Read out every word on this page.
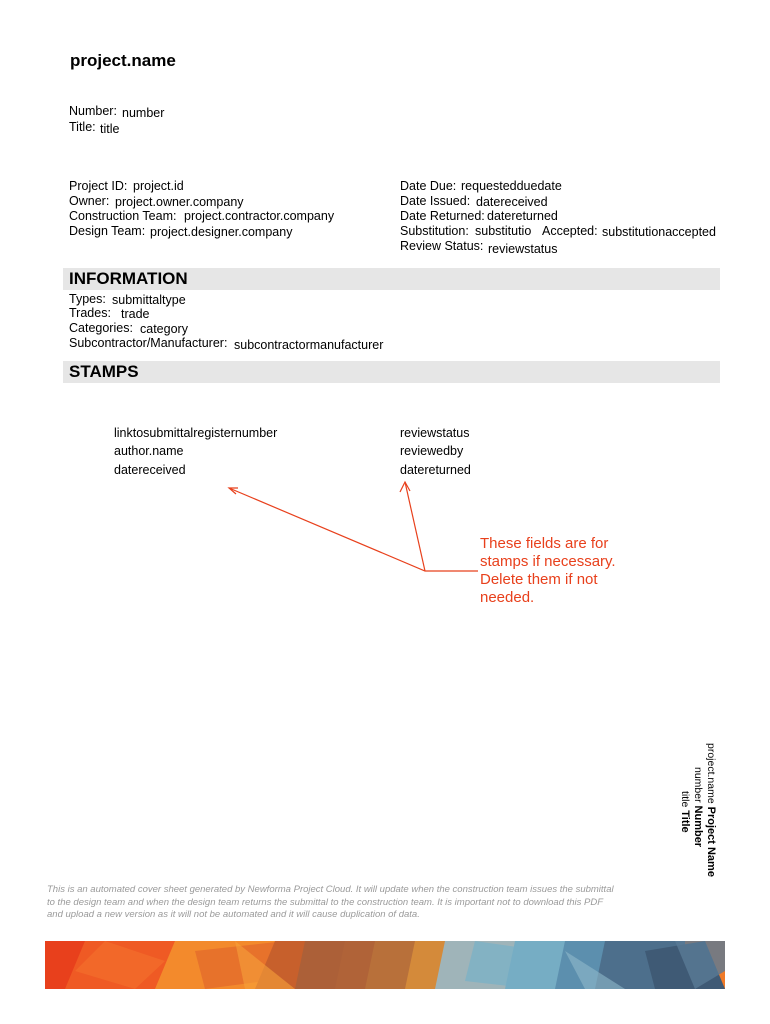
project.name
Number: number
Title: title
Project ID: project.id
Owner: project.owner.company
Construction Team: project.contractor.company
Design Team: project.designer.company
Date Due: requestedduedate
Date Issued: datereceived
Date Returned: datereturned
Substitution: substitutio Accepted: substitutionaccepted
Review Status: reviewstatus
INFORMATION
Types: submittaltype
Trades: trade
Categories: category
Subcontractor/Manufacturer: subcontractormanufacturer
STAMPS
linktosubmittalregisternumber
author.name
datereceived
reviewstatus
reviewedby
datereturned
These fields are for stamps if necessary. Delete them if not needed.
project.name Project Name
number Number
title Title
This is an automated cover sheet generated by Newforma Project Cloud. It will update when the construction team issues the submittal to the design team and when the design team returns the submittal to the construction team. It is important not to download this PDF and upload a new version as it will not be automated and it will cause duplication of data.
